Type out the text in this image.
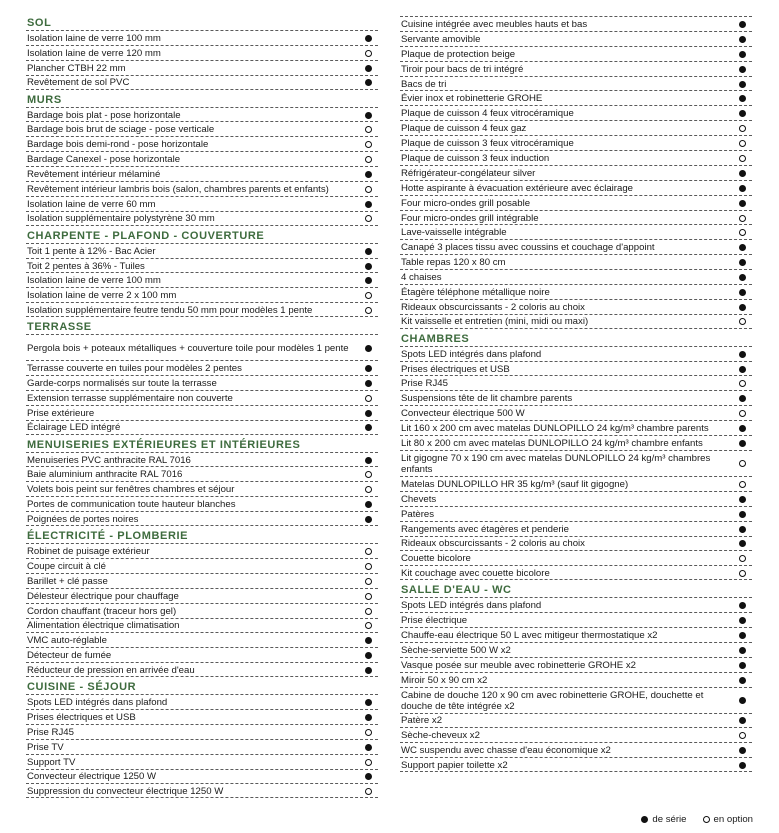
SOL
Isolation laine de verre 100 mm
Isolation laine de verre 120 mm
Plancher CTBH 22 mm
Revêtement de sol PVC
MURS
Bardage bois plat - pose horizontale
Bardage bois brut de sciage - pose verticale
Bardage bois demi-rond - pose horizontale
Bardage Canexel - pose horizontale
Revêtement intérieur mélaminé
Revêtement intérieur lambris bois (salon, chambres parents et enfants)
Isolation laine de verre 60 mm
Isolation supplémentaire polystyrène 30 mm
CHARPENTE - PLAFOND - COUVERTURE
Toit 1 pente à 12% - Bac Acier
Toit 2 pentes à 36% - Tuiles
Isolation laine de verre 100 mm
Isolation laine de verre 2 x 100 mm
Isolation supplémentaire feutre tendu 50 mm pour modèles 1 pente
TERRASSE
Pergola bois + poteaux métalliques + couverture toile pour modèles 1 pente
Terrasse couverte en tuiles pour modèles 2 pentes
Garde-corps normalisés sur toute la terrasse
Extension terrasse supplémentaire non couverte
Prise extérieure
Éclairage LED intégré
MENUISERIES EXTÉRIEURES ET INTÉRIEURES
Menuiseries PVC anthracite RAL 7016
Baie aluminium anthracite RAL 7016
Volets bois peint sur fenêtres chambres et séjour
Portes de communication toute hauteur blanches
Poignées de portes noires
ÉLECTRICITÉ - PLOMBERIE
Robinet de puisage extérieur
Coupe circuit à clé
Barillet + clé passe
Délesteur électrique pour chauffage
Cordon chauffant (traceur hors gel)
Alimentation électrique climatisation
VMC auto-réglable
Détecteur de fumée
Réducteur de pression en arrivée d'eau
CUISINE - SÉJOUR
Spots LED intégrés dans plafond
Prises électriques et USB
Prise RJ45
Prise TV
Support TV
Convecteur électrique 1250 W
Suppression du convecteur électrique 1250 W
Cuisine intégrée avec meubles hauts et bas
Servante amovible
Plaque de protection beige
Tiroir pour bacs de tri intégré
Bacs de tri
Évier inox et robinetterie GROHE
Plaque de cuisson 4 feux vitrocéramique
Plaque de cuisson 4 feux gaz
Plaque de cuisson 3 feux vitrocéramique
Plaque de cuisson 3 feux induction
Réfrigérateur-congélateur silver
Hotte aspirante à évacuation extérieure avec éclairage
Four micro-ondes grill posable
Four micro-ondes grill intégrable
Lave-vaisselle intégrable
Canapé 3 places tissu avec coussins et couchage d'appoint
Table repas 120 x 80 cm
4 chaises
Étagère téléphone métallique noire
Rideaux obscurcissants - 2 coloris au choix
Kit vaisselle et entretien (mini, midi ou maxi)
CHAMBRES
Spots LED intégrés dans plafond
Prises électriques et USB
Prise RJ45
Suspensions tête de lit chambre parents
Convecteur électrique 500 W
Lit 160 x 200 cm avec matelas DUNLOPILLO 24 kg/m³ chambre parents
Lit 80 x 200 cm avec matelas DUNLOPILLO 24 kg/m³ chambre enfants
Lit gigogne 70 x 190 cm avec matelas DUNLOPILLO 24 kg/m³ chambres enfants
Matelas DUNLOPILLO HR 35 kg/m³ (sauf lit gigogne)
Chevets
Patères
Rangements avec étagères et penderie
Rideaux obscurcissants - 2 coloris au choix
Couette bicolore
Kit couchage avec couette bicolore
SALLE D'EAU - WC
Spots LED intégrés dans plafond
Prise électrique
Chauffe-eau électrique 50 L avec mitigeur thermostatique x2
Sèche-serviette 500 W x2
Vasque posée sur meuble avec robinetterie GROHE x2
Miroir 50 x 90 cm x2
Cabine de douche 120 x 90 cm avec robinetterie GROHE, douchette et douche de tête intégrée x2
Patère x2
Sèche-cheveux x2
WC suspendu avec chasse d'eau économique x2
Support papier toilette x2
de série	en option
